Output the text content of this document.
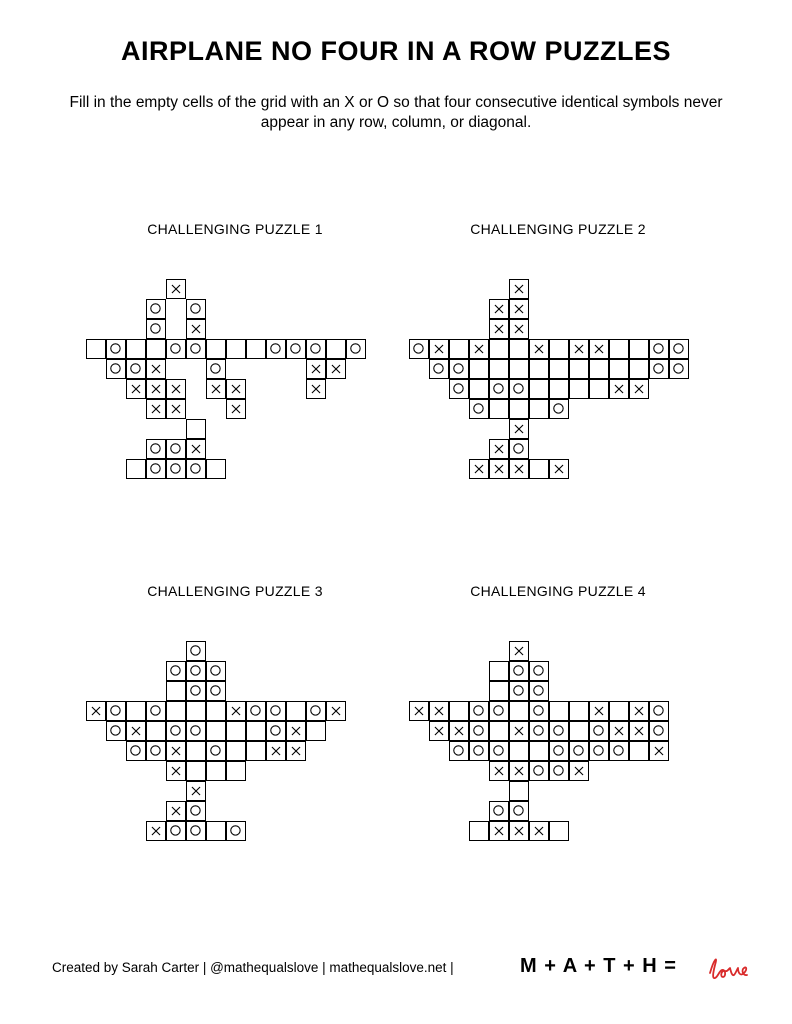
AIRPLANE NO FOUR IN A ROW PUZZLES
Fill in the empty cells of the grid with an X or O so that four consecutive identical symbols never appear in any row, column, or diagonal.
CHALLENGING PUZZLE 1	CHALLENGING PUZZLE 2
CHALLENGING PUZZLE 3	CHALLENGING PUZZLE 4
Created by Sarah Carter | @mathequalslove | mathequalslove.net |	M + A + T + H =
